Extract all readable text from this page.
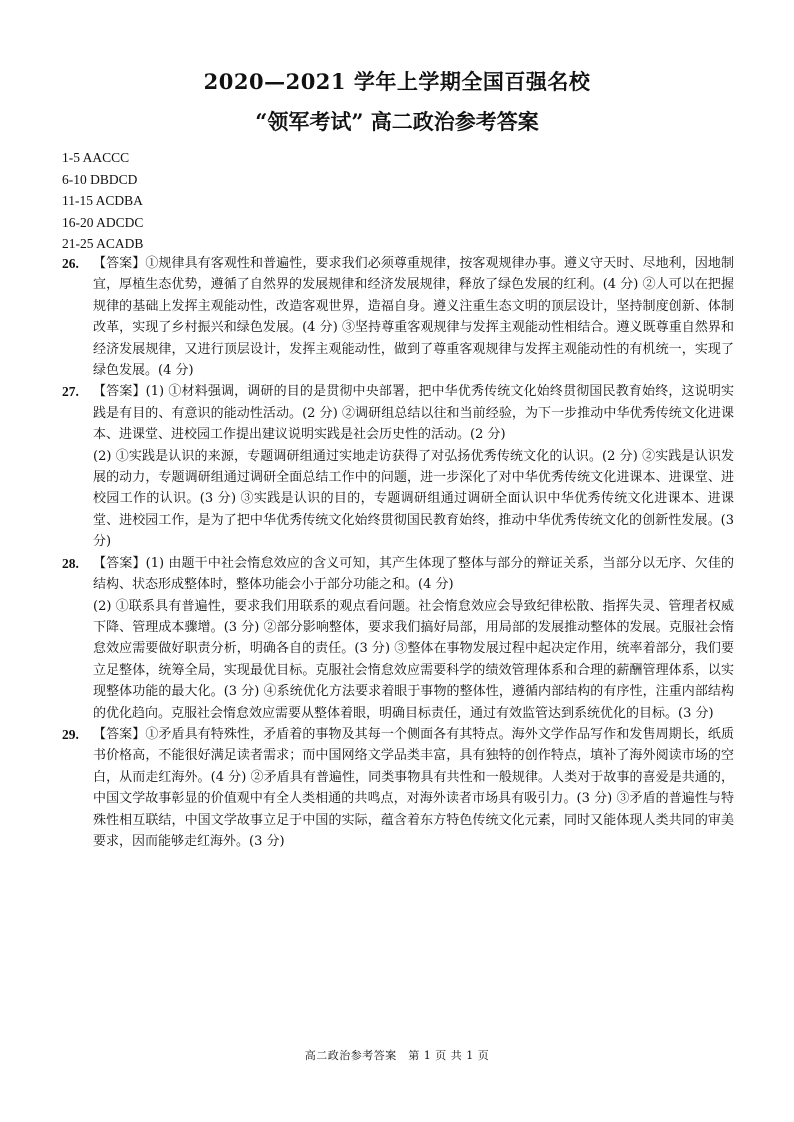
2020—2021 学年上学期全国百强名校
“领军考试” 高二政治参考答案
1-5 AACCC
6-10 DBDCD
11-15 ACDBA
16-20 ADCDC
21-25 ACADB
26.	【答案】①规律具有客观性和普遍性，要求我们必须尊重规律，按客观规律办事。遵义守天时、尽地利，因地制宜，厚植生态优势，遵循了自然界的发展规律和经济发展规律，释放了绿色发展的红利。(4 分) ②人可以在把握规律的基础上发挥主观能动性，改造客观世界，造福自身。遵义注重生态文明的顶层设计，坚持制度创新、体制改革，实现了乡村振兴和绿色发展。(4 分) ③坚持尊重客观规律与发挥主观能动性相结合。遵义既尊重自然界和经济发展规律，又进行顶层设计，发挥主观能动性，做到了尊重客观规律与发挥主观能动性的有机统一，实现了绿色发展。(4 分)

27.	【答案】(1) ①材料强调，调研的目的是贯彻中央部署，把中华优秀传统文化始终贯彻国民教育始终，这说明实践是有目的、有意识的能动性活动。(2 分) ②调研组总结以往和当前经验，为下一步推动中华优秀传统文化进课本、进课堂、进校园工作提出建议说明实践是社会历史性的活动。(2 分)

(2) ①实践是认识的来源，专题调研组通过实地走访获得了对弘扬优秀传统文化的认识。(2 分) ②实践是认识发展的动力，专题调研组通过调研全面总结工作中的问题，进一步深化了对中华优秀传统文化进课本、进课堂、进校园工作的认识。(3 分) ③实践是认识的目的，专题调研组通过调研全面认识中华优秀传统文化进课本、进课堂、进校园工作，是为了把中华优秀传统文化始终贯彻国民教育始终，推动中华优秀传统文化的创新性发展。(3 分)

28.	【答案】(1) 由题干中社会惰怠效应的含义可知，其产生体现了整体与部分的辩证关系，当部分以无序、欠佳的结构、状态形成整体时，整体功能会小于部分功能之和。(4 分)

(2) ①联系具有普遍性，要求我们用联系的观点看问题。社会惰怠效应会导致纪律松散、指挥失灵、管理者权威下降、管理成本骤增。(3 分) ②部分影响整体，要求我们搞好局部，用局部的发展推动整体的发展。克服社会惰怠效应需要做好职责分析，明确各自的责任。(3 分) ③整体在事物发展过程中起决定作用，统率着部分，我们要立足整体，统筹全局，实现最优目标。克服社会惰怠效应需要科学的绩效管理体系和合理的薪酬管理体系，以实现整体功能的最大化。(3 分) ④系统优化方法要求着眼于事物的整体性，遵循内部结构的有序性，注重内部结构的优化趋向。克服社会惰怠效应需要从整体着眼，明确目标责任，通过有效监管达到系统优化的目标。(3 分)

29.	【答案】①矛盾具有特殊性，矛盾着的事物及其每一个侧面各有其特点。海外文学作品写作和发售周期长，纸质书价格高，不能很好满足读者需求；而中国网络文学品类丰富，具有独特的创作特点，填补了海外阅读市场的空白，从而走红海外。(4 分) ②矛盾具有普遍性，同类事物具有共性和一般规律。人类对于故事的喜爱是共通的，中国文学故事彰显的价值观中有全人类相通的共鸣点，对海外读者市场具有吸引力。(3 分) ③矛盾的普遍性与特殊性相互联结，中国文学故事立足于中国的实际，蕴含着东方特色传统文化元素，同时又能体现人类共同的审美要求，因而能够走红海外。(3 分)

高二政治参考答案　第 1 页 共 1 页
